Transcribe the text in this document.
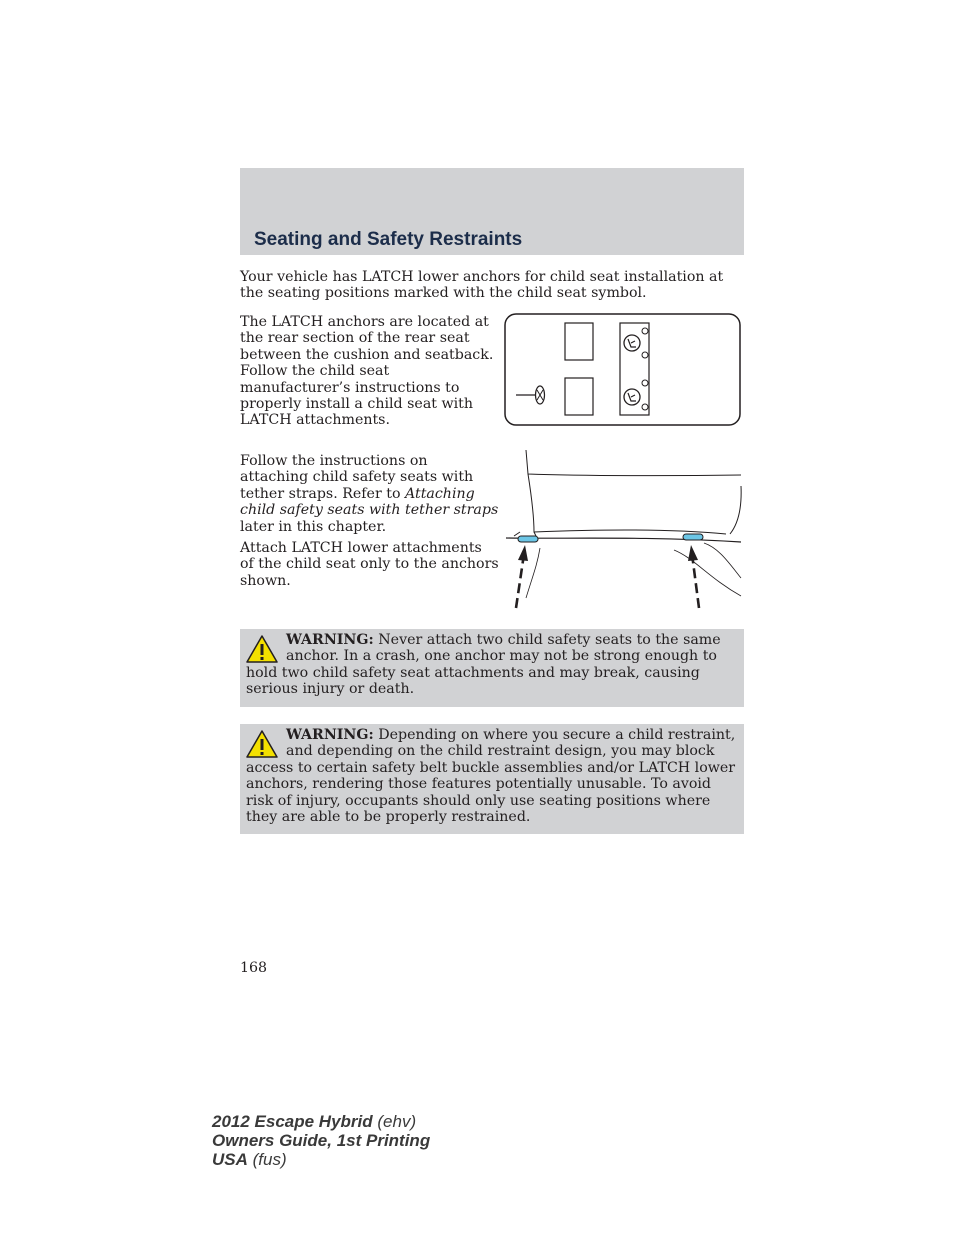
Seating and Safety Restraints
Your vehicle has LATCH lower anchors for child seat installation at the seating positions marked with the child seat symbol.
The LATCH anchors are located at the rear section of the rear seat between the cushion and seatback. Follow the child seat manufacturer’s instructions to properly install a child seat with LATCH attachments.
Follow the instructions on attaching child safety seats with tether straps. Refer to Attaching child safety seats with tether straps later in this chapter.
Attach LATCH lower attachments of the child seat only to the anchors shown.
WARNING: Never attach two child safety seats to the same anchor. In a crash, one anchor may not be strong enough to hold two child safety seat attachments and may break, causing serious injury or death.
WARNING: Depending on where you secure a child restraint, and depending on the child restraint design, you may block access to certain safety belt buckle assemblies and/or LATCH lower anchors, rendering those features potentially unusable. To avoid risk of injury, occupants should only use seating positions where they are able to be properly restrained.
168
2012 Escape Hybrid (ehv)
Owners Guide, 1st Printing
USA (fus)
